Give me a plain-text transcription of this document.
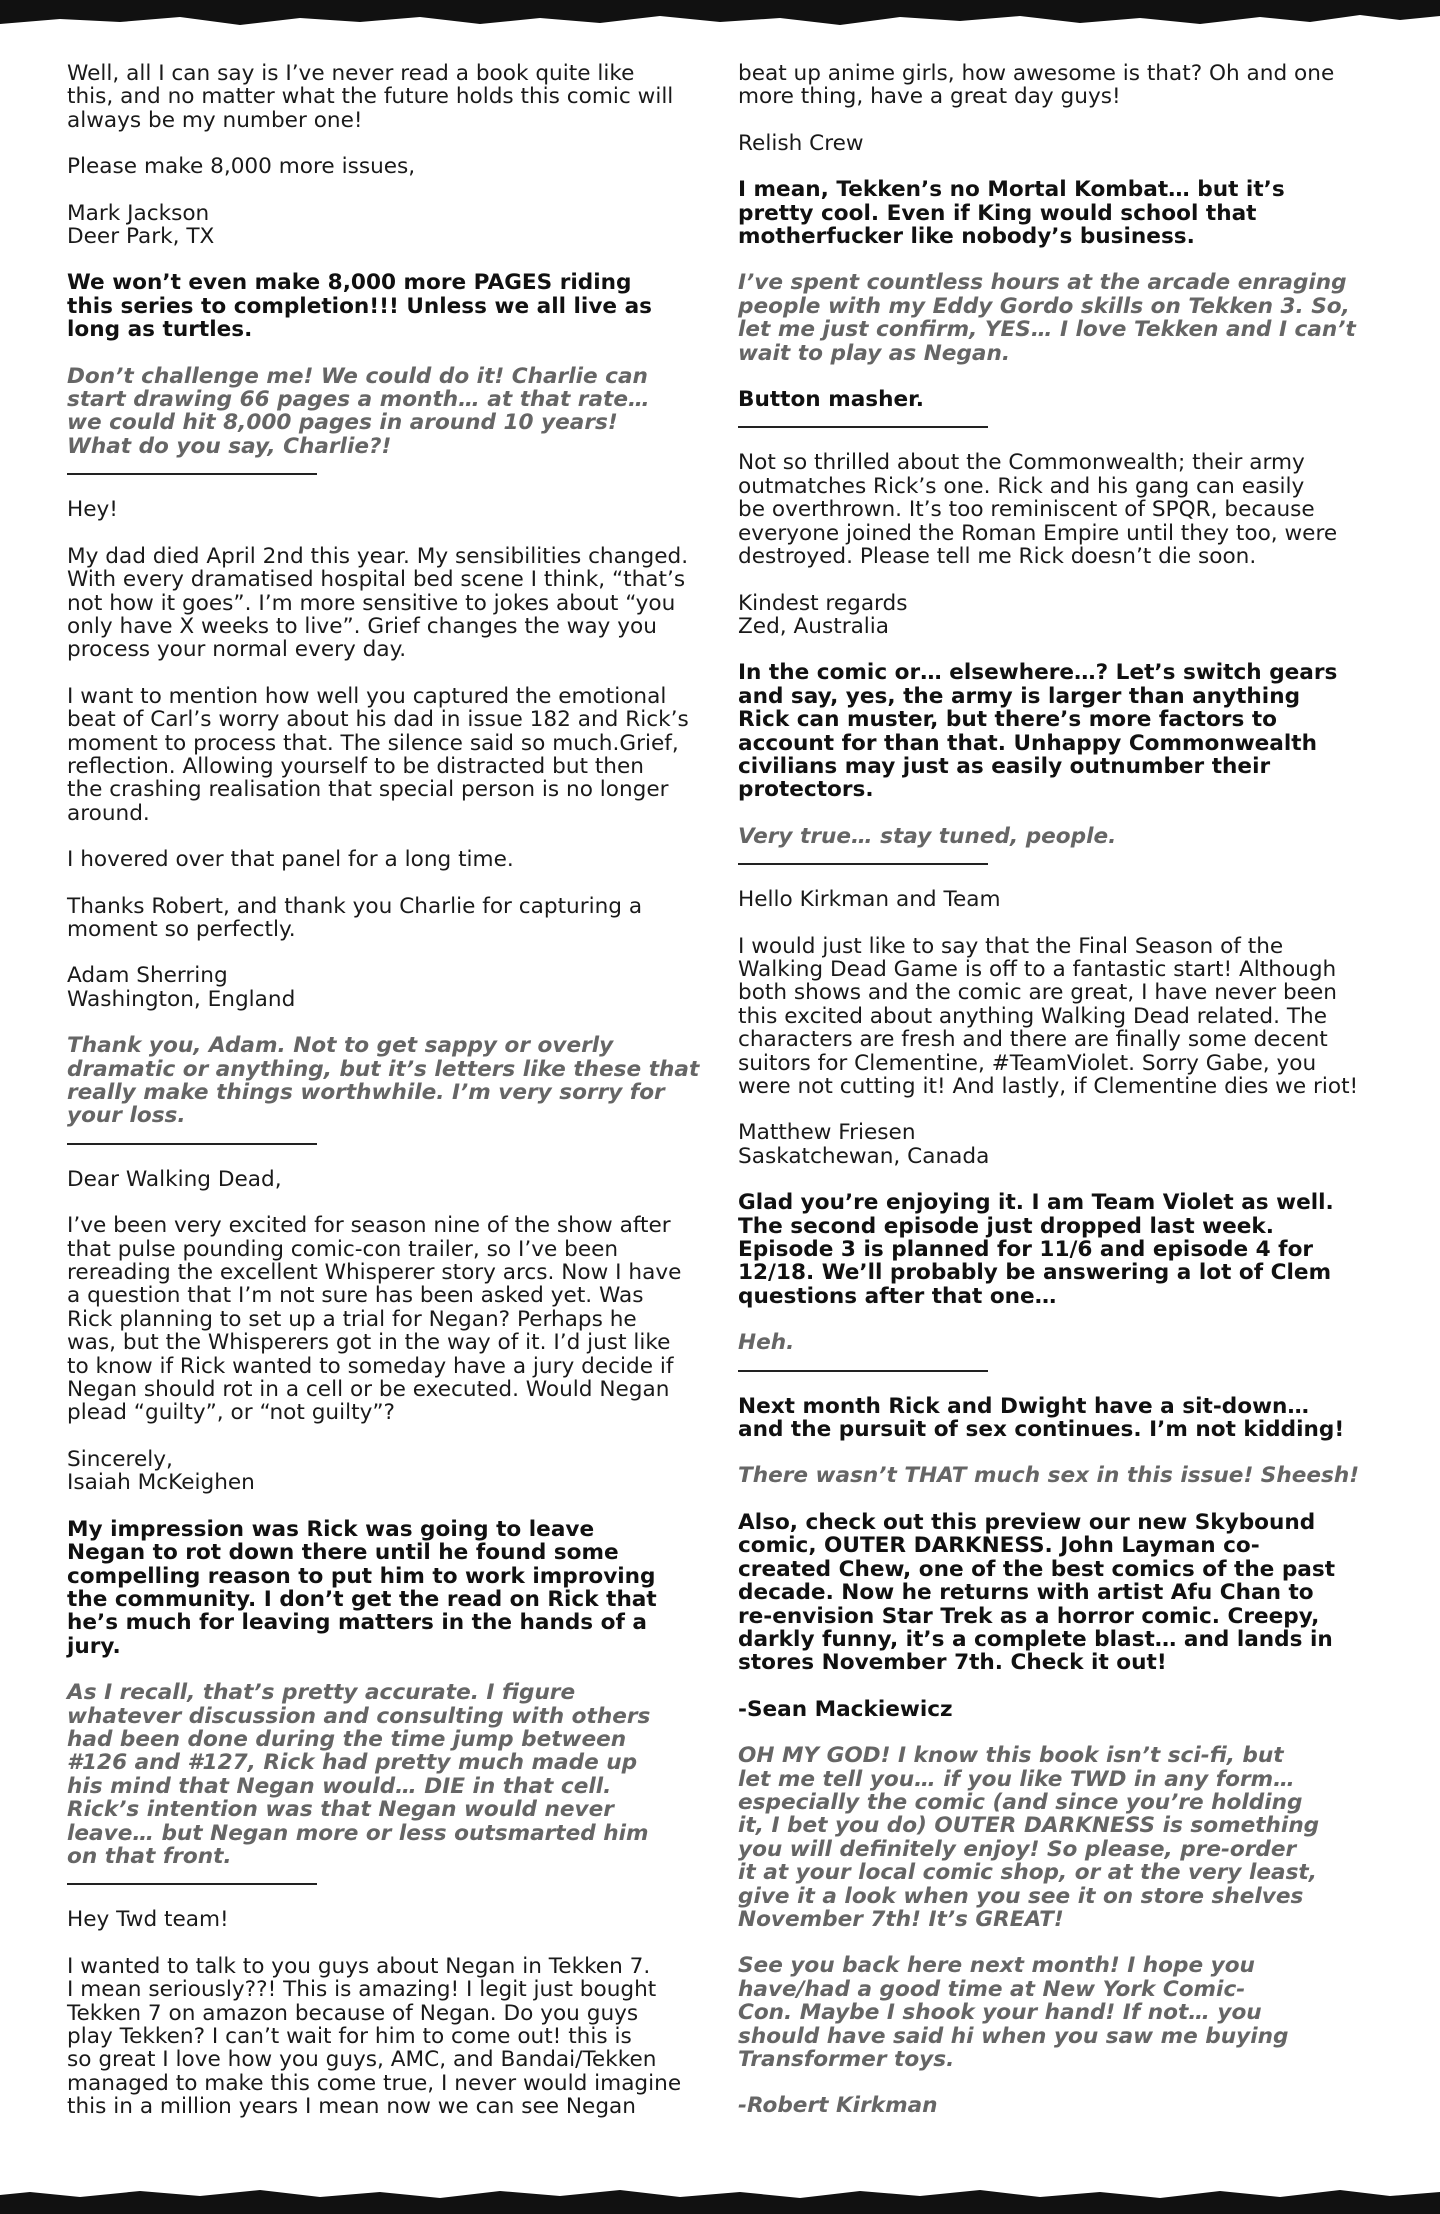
Well, all I can say is I’ve never read a book quite like
this, and no matter what the future holds this comic will
always be my number one!
Please make 8,000 more issues,
Mark Jackson
Deer Park, TX
We won’t even make 8,000 more PAGES riding
this series to completion!!! Unless we all live as
long as turtles.
Don’t challenge me! We could do it! Charlie can
start drawing 66 pages a month… at that rate…
we could hit 8,000 pages in around 10 years!
What do you say, Charlie?!
Hey!
My dad died April 2nd this year. My sensibilities changed.
With every dramatised hospital bed scene I think, “that’s
not how it goes”. I’m more sensitive to jokes about “you
only have X weeks to live”. Grief changes the way you
process your normal every day.
I want to mention how well you captured the emotional
beat of Carl’s worry about his dad in issue 182 and Rick’s
moment to process that. The silence said so much.Grief,
reflection. Allowing yourself to be distracted but then
the crashing realisation that special person is no longer
around.
I hovered over that panel for a long time.
Thanks Robert, and thank you Charlie for capturing a
moment so perfectly.
Adam Sherring
Washington, England
Thank you, Adam. Not to get sappy or overly
dramatic or anything, but it’s letters like these that
really make things worthwhile. I’m very sorry for
your loss.
Dear Walking Dead,
I’ve been very excited for season nine of the show after
that pulse pounding comic-con trailer, so I’ve been
rereading the excellent Whisperer story arcs. Now I have
a question that I’m not sure has been asked yet. Was
Rick planning to set up a trial for Negan? Perhaps he
was, but the Whisperers got in the way of it. I’d just like
to know if Rick wanted to someday have a jury decide if
Negan should rot in a cell or be executed. Would Negan
plead “guilty”, or “not guilty”?
Sincerely,
Isaiah McKeighen
My impression was Rick was going to leave
Negan to rot down there until he found some
compelling reason to put him to work improving
the community. I don’t get the read on Rick that
he’s much for leaving matters in the hands of a
jury.
As I recall, that’s pretty accurate. I figure
whatever discussion and consulting with others
had been done during the time jump between
#126 and #127, Rick had pretty much made up
his mind that Negan would… DIE in that cell.
Rick’s intention was that Negan would never
leave… but Negan more or less outsmarted him
on that front.
Hey Twd team!
I wanted to talk to you guys about Negan in Tekken 7.
I mean seriously??! This is amazing! I legit just bought
Tekken 7 on amazon because of Negan. Do you guys
play Tekken? I can’t wait for him to come out! this is
so great I love how you guys, AMC, and Bandai/Tekken
managed to make this come true, I never would imagine
this in a million years I mean now we can see Negan
beat up anime girls, how awesome is that? Oh and one
more thing, have a great day guys!
Relish Crew
I mean, Tekken’s no Mortal Kombat… but it’s
pretty cool. Even if King would school that
motherfucker like nobody’s business.
I’ve spent countless hours at the arcade enraging
people with my Eddy Gordo skills on Tekken 3. So,
let me just confirm, YES… I love Tekken and I can’t
wait to play as Negan.
Button masher.
Not so thrilled about the Commonwealth; their army
outmatches Rick’s one. Rick and his gang can easily
be overthrown. It’s too reminiscent of SPQR, because
everyone joined the Roman Empire until they too, were
destroyed. Please tell me Rick doesn’t die soon.
Kindest regards
Zed, Australia
In the comic or… elsewhere…? Let’s switch gears
and say, yes, the army is larger than anything
Rick can muster, but there’s more factors to
account for than that. Unhappy Commonwealth
civilians may just as easily outnumber their
protectors.
Very true… stay tuned, people.
Hello Kirkman and Team
I would just like to say that the Final Season of the
Walking Dead Game is off to a fantastic start! Although
both shows and the comic are great, I have never been
this excited about anything Walking Dead related. The
characters are fresh and there are finally some decent
suitors for Clementine, #TeamViolet. Sorry Gabe, you
were not cutting it! And lastly, if Clementine dies we riot!
Matthew Friesen
Saskatchewan, Canada
Glad you’re enjoying it. I am Team Violet as well.
The second episode just dropped last week.
Episode 3 is planned for 11/6 and episode 4 for
12/18. We’ll probably be answering a lot of Clem
questions after that one…
Heh.
Next month Rick and Dwight have a sit-down…
and the pursuit of sex continues. I’m not kidding!
There wasn’t THAT much sex in this issue! Sheesh!
Also, check out this preview our new Skybound
comic, OUTER DARKNESS. John Layman co-
created Chew, one of the best comics of the past
decade. Now he returns with artist Afu Chan to
re-envision Star Trek as a horror comic. Creepy,
darkly funny, it’s a complete blast… and lands in
stores November 7th. Check it out!
-Sean Mackiewicz
OH MY GOD! I know this book isn’t sci-fi, but
let me tell you… if you like TWD in any form…
especially the comic (and since you’re holding
it, I bet you do) OUTER DARKNESS is something
you will definitely enjoy! So please, pre-order
it at your local comic shop, or at the very least,
give it a look when you see it on store shelves
November 7th! It’s GREAT!
See you back here next month! I hope you
have/had a good time at New York Comic-
Con. Maybe I shook your hand! If not… you
should have said hi when you saw me buying
Transformer toys.
-Robert Kirkman
